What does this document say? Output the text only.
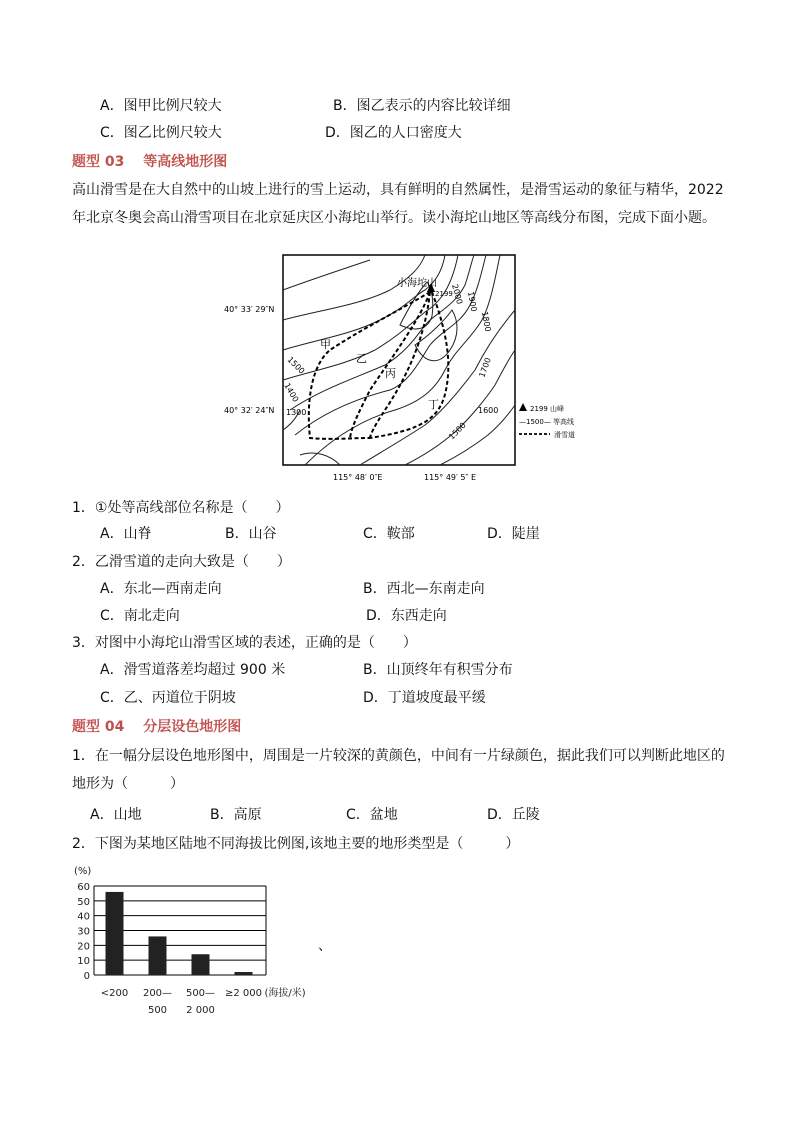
A．图甲比例尺较大	B．图乙表示的内容比较详细
C．图乙比例尺较大	D．图乙的人口密度大
题型 03　 等高线地形图
高山滑雪是在大自然中的山坡上进行的雪上运动，具有鲜明的自然属性，是滑雪运动的象征与精华，2022
年北京冬奥会高山滑雪项目在北京延庆区小海坨山举行。读小海坨山地区等高线分布图，完成下面小题。
小海坨山
2199
2000 1900
1800
1700
1600
1500
1500
1400
1300
甲
乙
丙
丁
40° 33′ 29″N
40° 32′ 24″N
115° 48′ 0″E	115° 49′ 5″ E
2199 山峰
—1500— 等高线
滑雪道
1．①处等高线部位名称是（　　）
A．山脊	B．山谷	C．鞍部	D．陡崖
2．乙滑雪道的走向大致是（　　）
A．东北—西南走向	B．西北—东南走向
C．南北走向	D．东西走向
3．对图中小海坨山滑雪区域的表述，正确的是（　　）
A．滑雪道落差均超过 900 米	B．山顶终年有积雪分布
C．乙、丙道位于阴坡	D．丁道坡度最平缓
题型 04　 分层设色地形图
1．在一幅分层设色地形图中，周围是一片较深的黄颜色，中间有一片绿颜色，据此我们可以判断此地区的
地形为（　　　）
A．山地	B．高原	C．盆地	D．丘陵
2．下图为某地区陆地不同海拔比例图,该地主要的地形类型是（　　　）
(%)
0
10
20
30
40
50
60
<200 200—
500
500—
2 000
≥2 000 (海拔/米)
、
